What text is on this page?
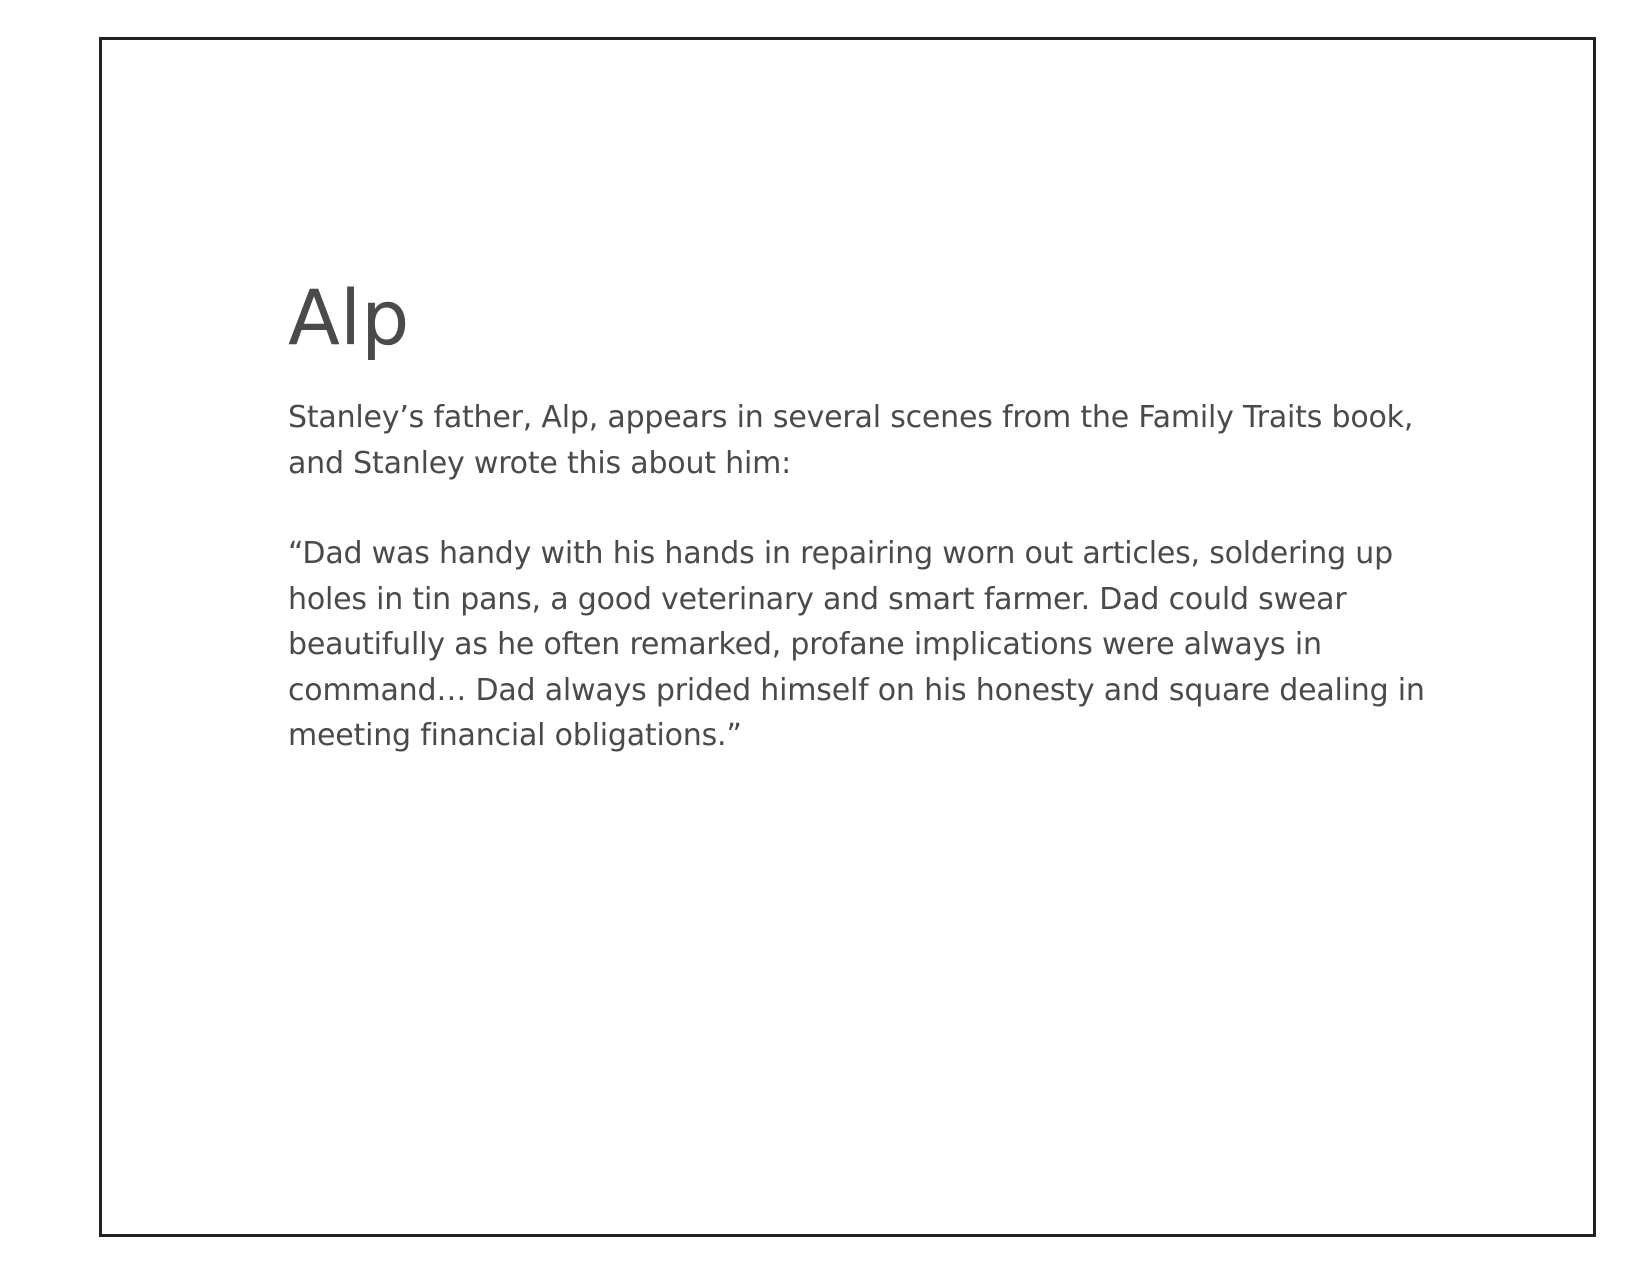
Alp

Stanley’s father, Alp, appears in several scenes from the Family Traits book, and Stanley wrote this about him:

“Dad was handy with his hands in repairing worn out articles, soldering up holes in tin pans, a good veterinary and smart farmer. Dad could swear beautifully as he often remarked, profane implications were always in command… Dad always prided himself on his honesty and square dealing in meeting financial obligations.”
